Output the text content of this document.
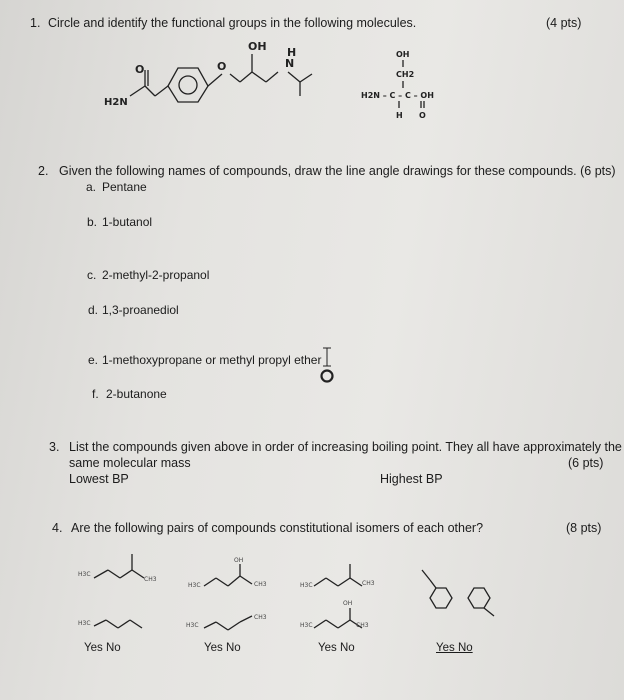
1. Circle and identify the functional groups in the following molecules.	(4 pts)
OH H
N
O	O
H2N
OH
CH2
H2N – C – C – OH
H O
2. Given the following names of compounds, draw the line angle drawings for these compounds. (6 pts)
a. Pentane
b. 1-butanol
c. 2-methyl-2-propanol
d. 1,3-proanediol
e. 1-methoxypropane or methyl propyl ether
f. 2-butanone
3. List the compounds given above in order of increasing boiling point. They all have approximately the
same molecular mass	(6 pts)
Lowest BP	Highest BP
4. Are the following pairs of compounds constitutional isomers of each other?	(8 pts)
H3C
CH3
H3C
H3C
OH
CH3
H3C
CH3
H3C	CH3
H3C
OH
CH3
Yes No	Yes No	Yes No	Yes No
